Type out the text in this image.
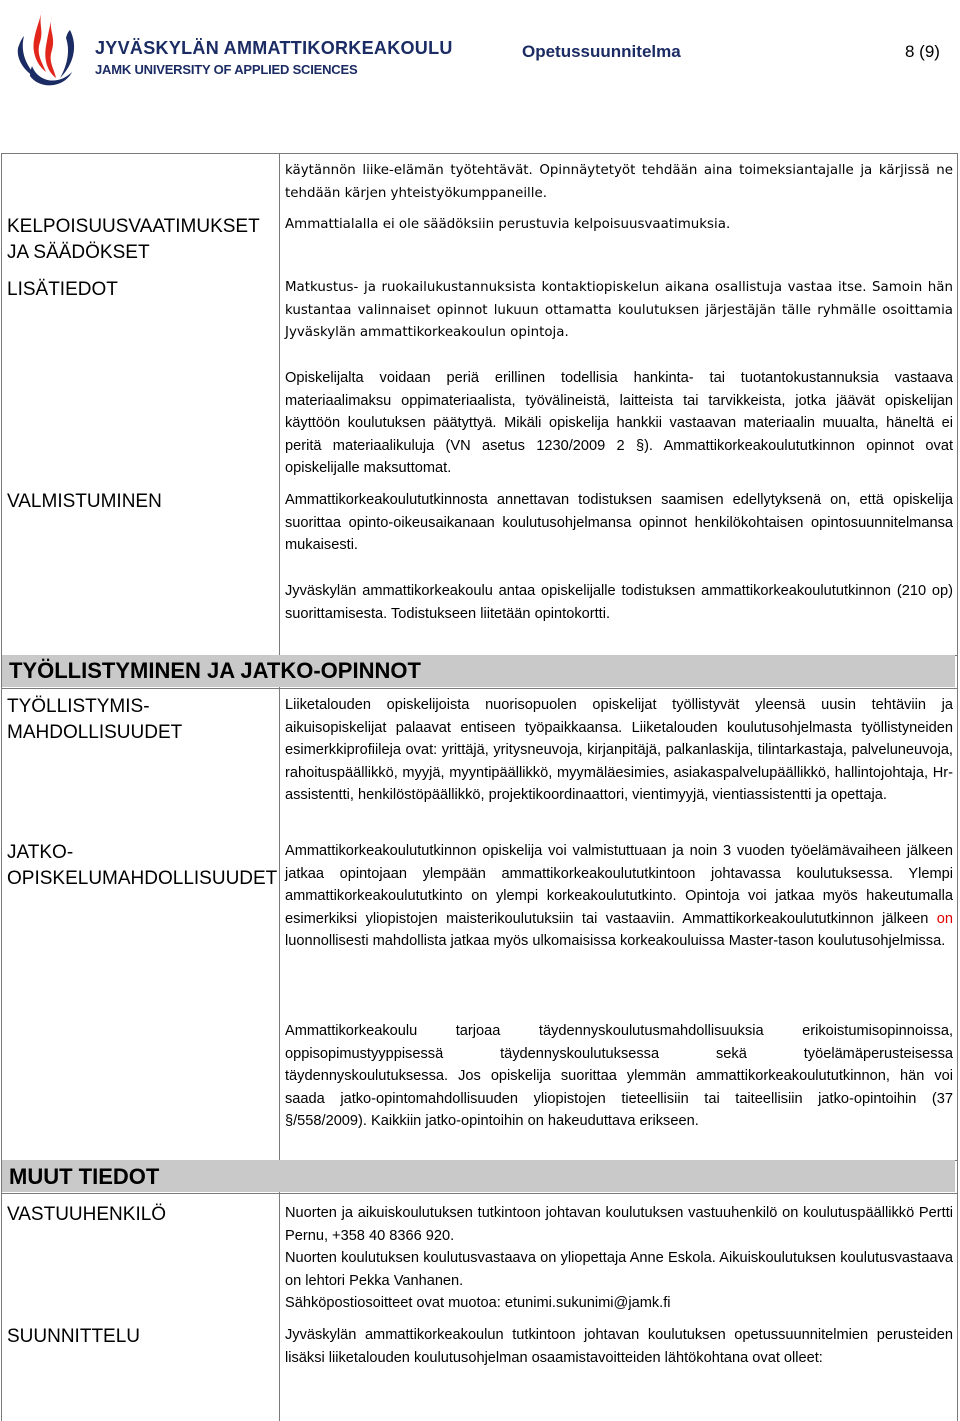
JYVÄSKYLÄN AMMATTIKORKEAKOULU
JAMK UNIVERSITY OF APPLIED SCIENCES
Opetussuunnitelma	8 (9)
KELPOISUUSVAATIMUKSET
JA SÄÄDÖKSET
LISÄTIEDOT
VALMISTUMINEN
TYÖLLISTYMINEN JA JATKO-OPINNOT
TYÖLLISTYMIS-
MAHDOLLISUUDET
JATKO-
OPISKELUMAHDOLLISUUDET
MUUT TIEDOT
VASTUUHENKILÖ
SUUNNITTELU
käytännön liike-elämän työtehtävät. Opinnäytetyöt tehdään aina toimeksiantajalle ja kärjissä ne tehdään kärjen yhteistyökumppaneille.
Ammattialalla ei ole säädöksiin perustuvia kelpoisuusvaatimuksia.
Matkustus- ja ruokailukustannuksista kontaktiopiskelun aikana osallistuja vastaa itse. Samoin hän kustantaa valinnaiset opinnot lukuun ottamatta koulutuksen järjestäjän tälle ryhmälle osoittamia Jyväskylän ammattikorkeakoulun opintoja.
Opiskelijalta voidaan periä erillinen todellisia hankinta- tai tuotantokustannuksia vastaava materiaalimaksu oppimateriaalista, työvälineistä, laitteista tai tarvikkeista, jotka jäävät opiskelijan käyttöön koulutuksen päätyttyä. Mikäli opiskelija hankkii vastaavan materiaalin muualta, häneltä ei peritä materiaalikuluja (VN asetus 1230/2009 2 §). Ammattikorkeakoulututkinnon opinnot ovat opiskelijalle maksuttomat.
Ammattikorkeakoulututkinnosta annettavan todistuksen saamisen edellytyksenä on, että opiskelija suorittaa opinto-oikeusaikanaan koulutusohjelmansa opinnot henkilökohtaisen opintosuunnitelmansa mukaisesti.
Jyväskylän ammattikorkeakoulu antaa opiskelijalle todistuksen ammattikorkeakoulututkinnon (210 op) suorittamisesta. Todistukseen liitetään opintokortti.
Liiketalouden opiskelijoista nuorisopuolen opiskelijat työllistyvät yleensä uusin tehtäviin ja aikuisopiskelijat palaavat entiseen työpaikkaansa. Liiketalouden koulutusohjelmasta työllistyneiden esimerkkiprofiileja ovat: yrittäjä, yritysneuvoja, kirjanpitäjä, palkanlaskija, tilintarkastaja, palveluneuvoja, rahoituspäällikkö, myyjä, myyntipäällikkö, myymäläesimies, asiakaspalvelupäällikkö, hallintojohtaja, Hr-assistentti, henkilöstöpäällikkö, projektikoordinaattori, vientimyyjä, vientiassistentti ja opettaja.
Ammattikorkeakoulututkinnon opiskelija voi valmistuttuaan ja noin 3 vuoden työelämävaiheen jälkeen jatkaa opintojaan ylempään ammattikorkeakoulututkintoon johtavassa koulutuksessa. Ylempi ammattikorkeakoulututkinto on ylempi korkeakoulututkinto. Opintoja voi jatkaa myös hakeutumalla esimerkiksi yliopistojen maisterikoulutuksiin tai vastaaviin. Ammattikorkeakoulututkinnon jälkeen on luonnollisesti mahdollista jatkaa myös ulkomaisissa korkeakouluissa Master-tason koulutusohjelmissa.
Ammattikorkeakoulu tarjoaa täydennyskoulutusmahdollisuuksia erikoistumisopinnoissa, oppisopimustyyppisessä täydennyskoulutuksessa sekä työelämäperusteisessa täydennyskoulutuksessa. Jos opiskelija suorittaa ylemmän ammattikorkeakoulututkinnon, hän voi saada jatko-opintomahdollisuuden yliopistojen tieteellisiin tai taiteellisiin jatko-opintoihin (37 §/558/2009). Kaikkiin jatko-opintoihin on hakeuduttava erikseen.
Nuorten ja aikuiskoulutuksen tutkintoon johtavan koulutuksen vastuuhenkilö on koulutuspäällikkö Pertti Pernu, +358 40 8366 920.
Nuorten koulutuksen koulutusvastaava on yliopettaja Anne Eskola. Aikuiskoulutuksen koulutusvastaava on lehtori Pekka Vanhanen.
Sähköpostiosoitteet ovat muotoa: etunimi.sukunimi@jamk.fi
Jyväskylän ammattikorkeakoulun tutkintoon johtavan koulutuksen opetussuunnitelmien perusteiden lisäksi liiketalouden koulutusohjelman osaamistavoitteiden lähtökohtana ovat olleet:
